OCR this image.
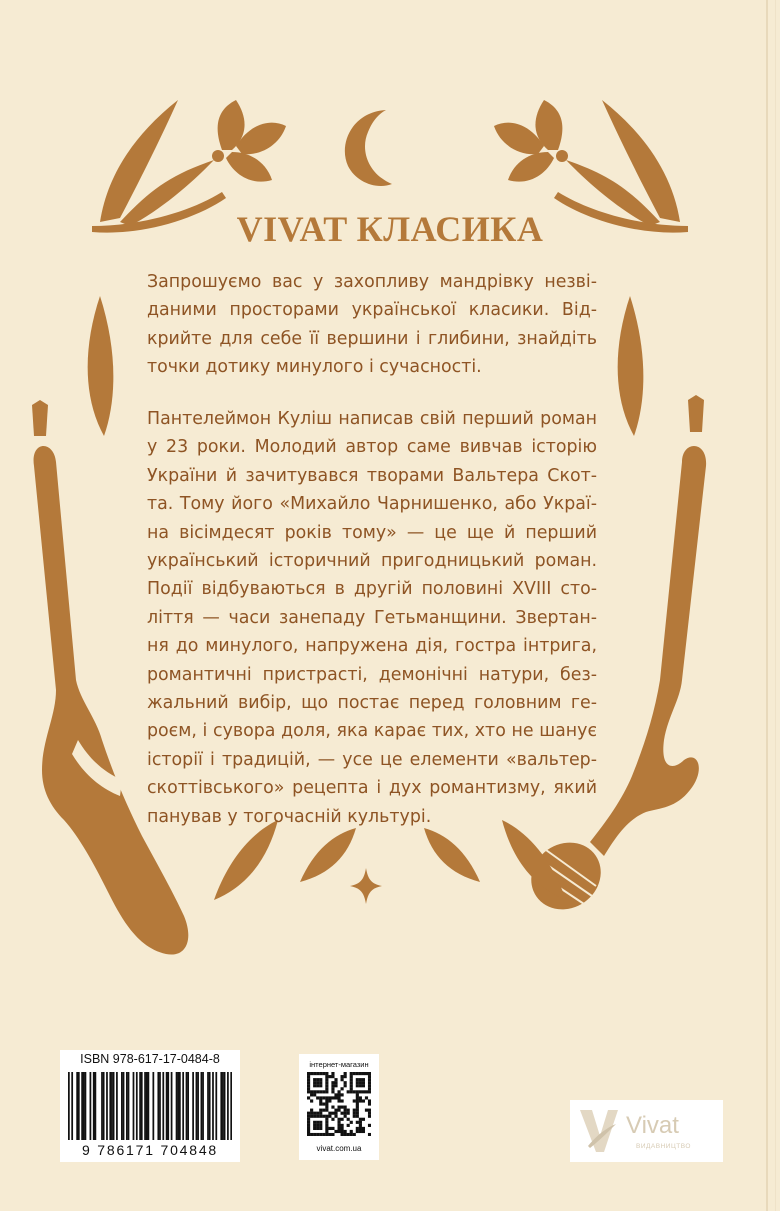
VIVAT КЛАСИКА

Запрошуємо вас у захопливу мандрівку незві-
даними просторами української класики. Від-
крийте для себе її вершини і глибини, знайдіть
точки дотику минулого і сучасності.

Пантелеймон Куліш написав свій перший роман
у 23 роки. Молодий автор саме вивчав історію
України й зачитувався творами Вальтера Скот-
та. Тому його «Михайло Чарнишенко, або Украї-
на вісімдесят років тому» — це ще й перший
український історичний пригодницький роман.
Події відбуваються в другій половині XVIII сто-
ліття — часи занепаду Гетьманщини. Звертан-
ня до минулого, напружена дія, гостра інтрига,
романтичні пристрасті, демонічні натури, без-
жальний вибір, що постає перед головним ге-
роєм, і сувора доля, яка карає тих, хто не шанує
історії і традицій, — усе це елементи «вальтер-
скоттівського» рецепта і дух романтизму, який
панував у тогочасній культурі.

ISBN 978-617-17-0484-8
9 786171 704848
інтернет-магазин
vivat.com.ua
Vivat
ВИДАВНИЦТВО
